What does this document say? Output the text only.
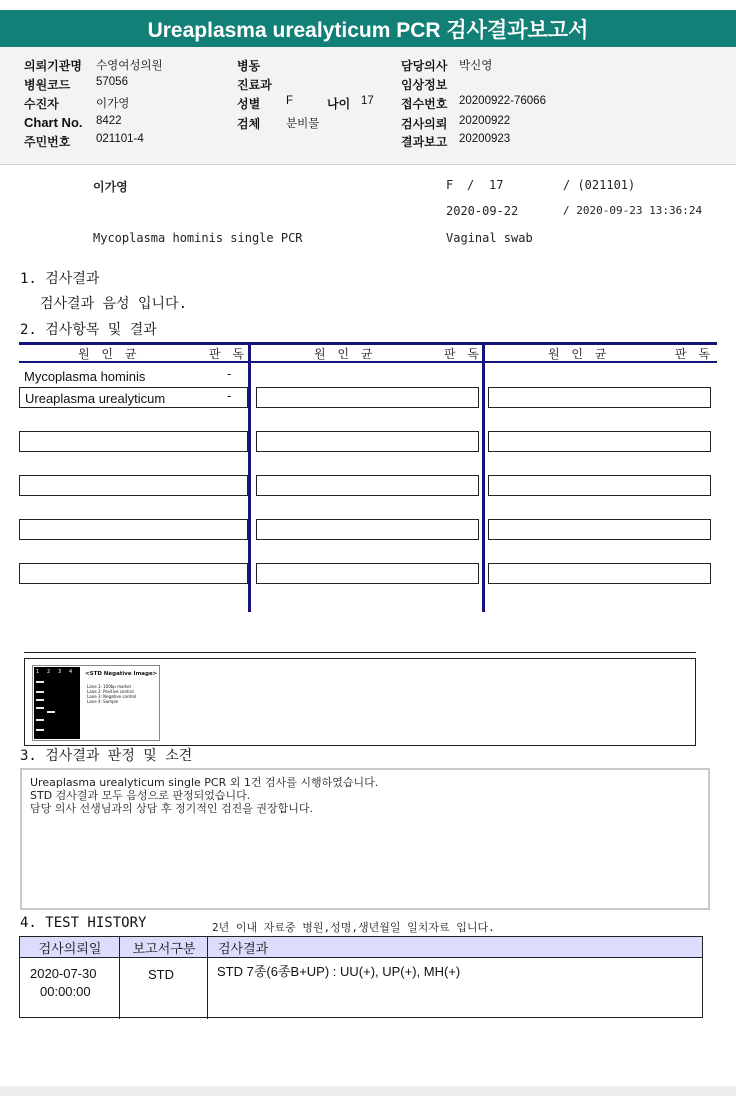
Ureaplasma urealyticum PCR 검사결과보고서
의뢰기관명 수영여성의원
병원코드 57056
수진자	이가영
Chart No. 8422
주민번호 021101-4
병동
진료과
성별 F	나이 17
검체 분비물
담당의사 박신영
임상정보
접수번호 20200922-76066
검사의뢰 20200922
결과보고 20200923
이가영	F / 17	/ (021101)
2020-09-22	/ 2020-09-23 13:36:24
Mycoplasma hominis single PCR	Vaginal swab
1. 검사결과
검사결과 음성 입니다.
2. 검사항목 및 결과
원 인 균	판 독	원 인 균	판 독	원 인 균	판 독
Mycoplasma hominis	-
Ureaplasma urealyticum	-
1 2 3 4 <STD Negative Image>
Lane 1: 100bp marker
Lane 2: Positive control
Lane 3: Negative control
Lane 4: Sample
3. 검사결과 판정 및 소견
Ureaplasma urealyticum single PCR 외 1건 검사를 시행하였습니다.
STD 검사결과 모두 음성으로 판정되었습니다.
담당 의사 선생님과의 상담 후 정기적인 검진을 권장합니다.
4. TEST HISTORY	2년 이내 자료중 병원,성명,생년월일 일치자료 입니다.
검사의뢰일	보고서구분	검사결과
2020-07-30
00:00:00
STD	STD 7종(6종B+UP) : UU(+), UP(+), MH(+)
